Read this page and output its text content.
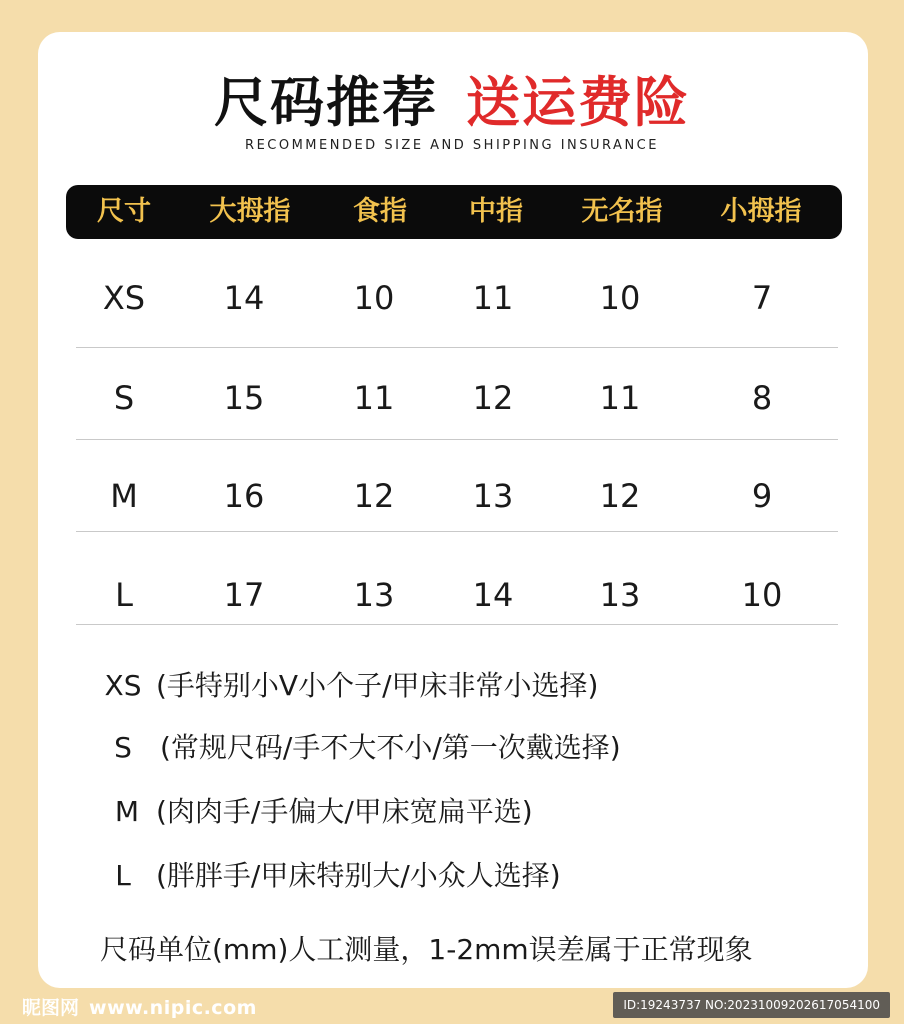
尺码推荐 送运费险
RECOMMENDED SIZE AND SHIPPING INSURANCE
尺寸 大拇指 食指 中指 无名指 小拇指
XS 14	10 11	10	7
S	15	11 12	11	8
M	16	12 13	12	9
L	17	13 14	13	10
XS (手特别小V小个子/甲床非常小选择)
S	(常规尺码/手不大不小/第一次戴选择)
M (肉肉手/手偏大/甲床宽扁平选)
L (胖胖手/甲床特别大/小众人选择)
尺码单位(mm)人工测量，1-2mm误差属于正常现象
昵图网 www.nipic.com	ID:19243737 NO:20231009202617054100
